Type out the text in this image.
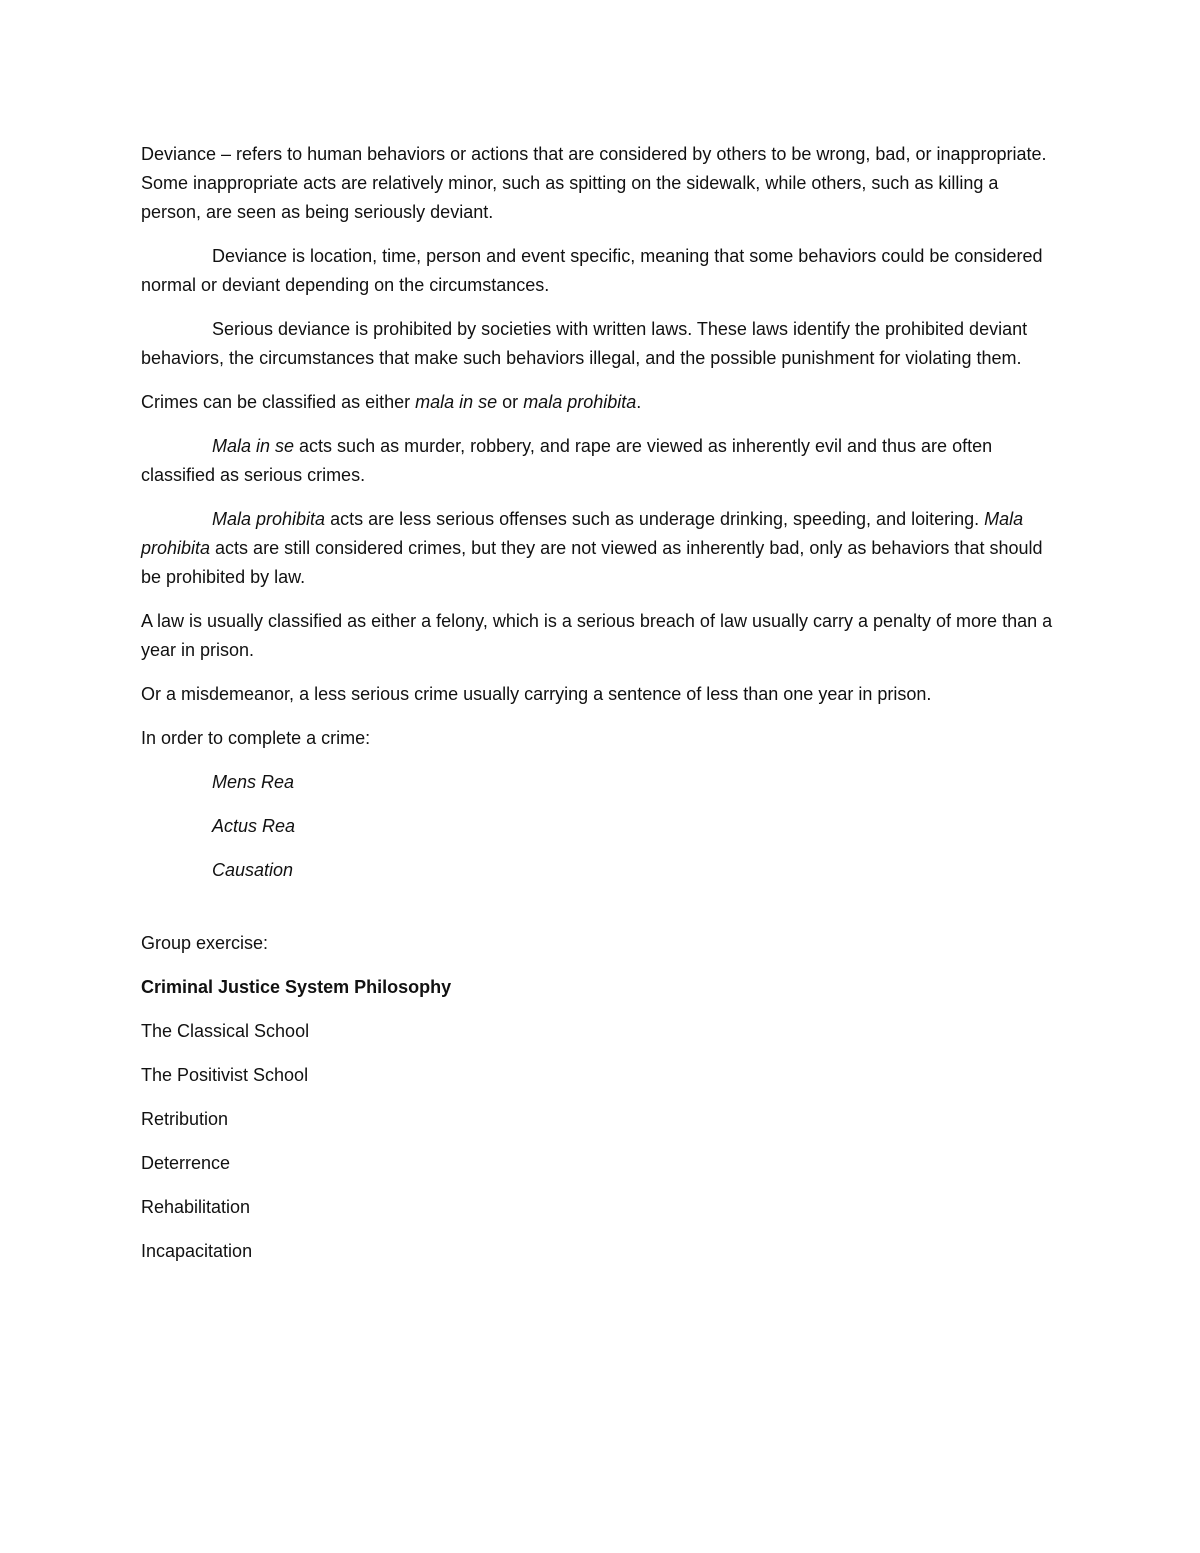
Deviance – refers to human behaviors or actions that are considered by others to be wrong, bad, or inappropriate. Some inappropriate acts are relatively minor, such as spitting on the sidewalk, while others, such as killing a person, are seen as being seriously deviant.

Deviance is location, time, person and event specific, meaning that some behaviors could be considered normal or deviant depending on the circumstances.

Serious deviance is prohibited by societies with written laws. These laws identify the prohibited deviant behaviors, the circumstances that make such behaviors illegal, and the possible punishment for violating them.

Crimes can be classified as either mala in se or mala prohibita.

Mala in se acts such as murder, robbery, and rape are viewed as inherently evil and thus are often classified as serious crimes.

Mala prohibita acts are less serious offenses such as underage drinking, speeding, and loitering. Mala prohibita acts are still considered crimes, but they are not viewed as inherently bad, only as behaviors that should be prohibited by law.

A law is usually classified as either a felony, which is a serious breach of law usually carry a penalty of more than a year in prison.

Or a misdemeanor, a less serious crime usually carrying a sentence of less than one year in prison.

In order to complete a crime:

Mens Rea

Actus Rea

Causation

Group exercise:

Criminal Justice System Philosophy

The Classical School

The Positivist School

Retribution

Deterrence

Rehabilitation

Incapacitation
